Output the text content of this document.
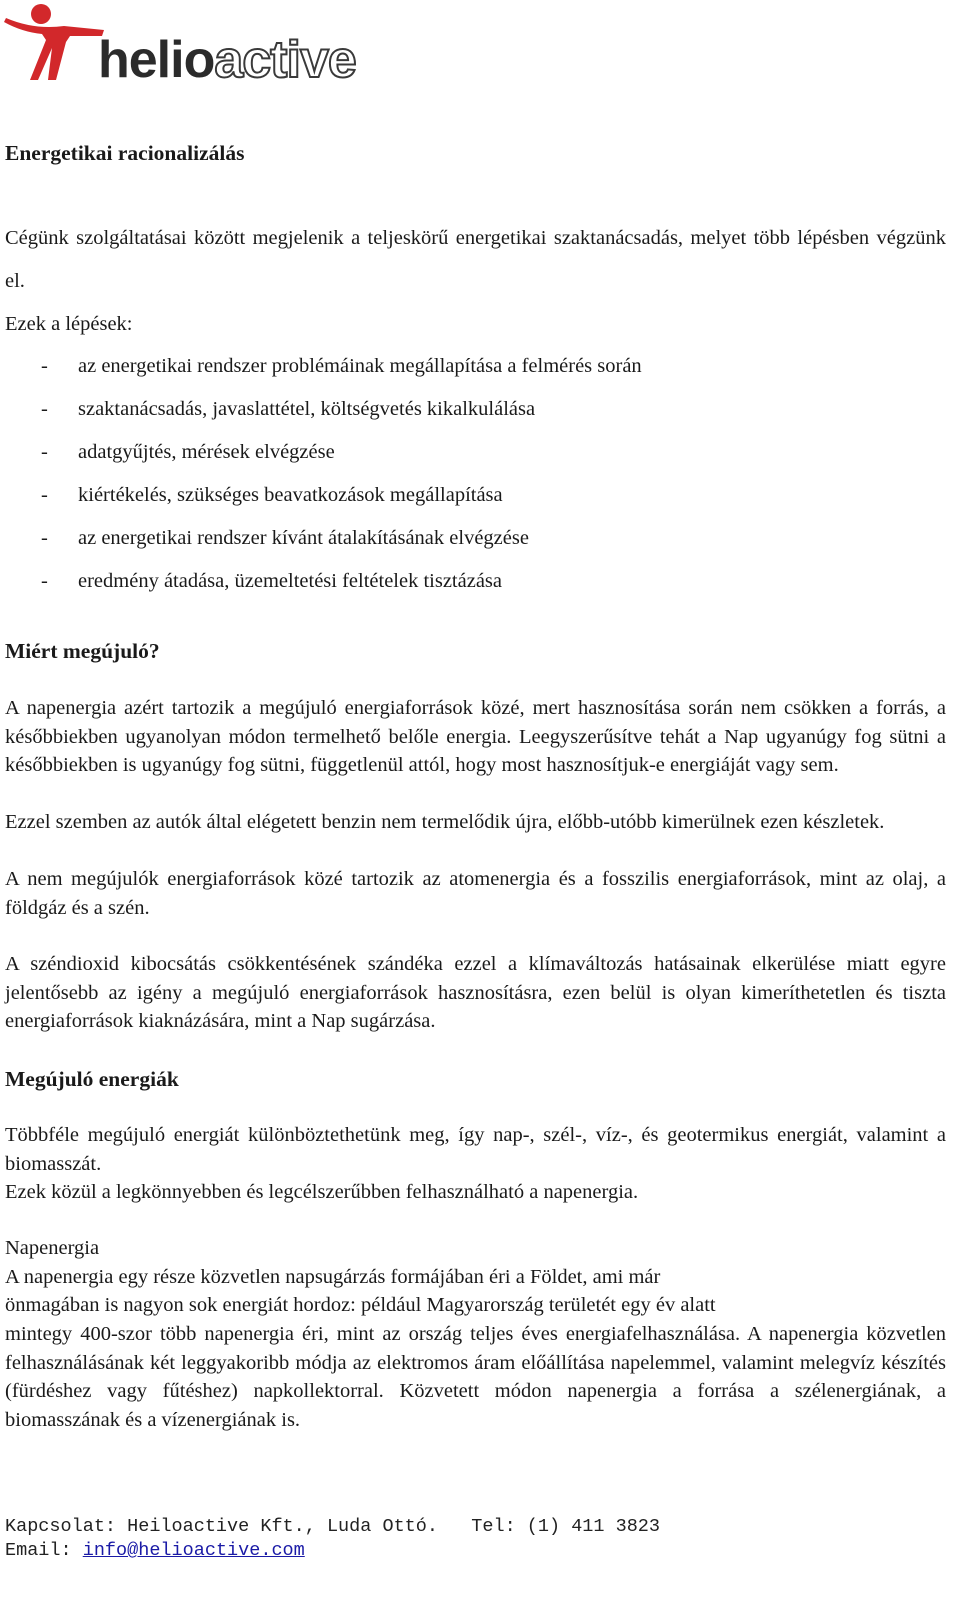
helioactive
Energetikai racionalizálás
Cégünk szolgáltatásai között megjelenik a teljeskörű energetikai szaktanácsadás, melyet több lépésben végzünk el.
Ezek a lépések:
-	az energetikai rendszer problémáinak megállapítása a felmérés során
-	szaktanácsadás, javaslattétel, költségvetés kikalkulálása
-	adatgyűjtés, mérések elvégzése
-	kiértékelés, szükséges beavatkozások megállapítása
-	az energetikai rendszer kívánt átalakításának elvégzése
-	eredmény átadása, üzemeltetési feltételek tisztázása
Miért megújuló?
A napenergia azért tartozik a megújuló energiaforrások közé, mert hasznosítása során nem csökken a forrás, a későbbiekben ugyanolyan módon termelhető belőle energia. Leegyszerűsítve tehát a Nap ugyanúgy fog sütni a későbbiekben is ugyanúgy fog sütni, függetlenül attól, hogy most hasznosítjuk-e energiáját vagy sem.
Ezzel szemben az autók által elégetett benzin nem termelődik újra, előbb-utóbb kimerülnek ezen készletek.
A nem megújulók energiaforrások közé tartozik az atomenergia és a fosszilis energiaforrások, mint az olaj, a földgáz és a szén.
A széndioxid kibocsátás csökkentésének szándéka ezzel a klímaváltozás hatásainak elkerülése miatt egyre jelentősebb az igény a megújuló energiaforrások hasznosításra, ezen belül is olyan kimeríthetetlen és tiszta energiaforrások kiaknázására, mint a Nap sugárzása.
Megújuló energiák
Többféle megújuló energiát különböztethetünk meg, így nap-, szél-, víz-, és geotermikus energiát, valamint a biomasszát.
Ezek közül a legkönnyebben és legcélszerűbben felhasználható a napenergia.
Napenergia
A napenergia egy része közvetlen napsugárzás formájában éri a Földet, ami már
önmagában is nagyon sok energiát hordoz: például Magyarország területét egy év alatt
mintegy 400-szor több napenergia éri, mint az ország teljes éves energiafelhasználása. A napenergia közvetlen felhasználásának két leggyakoribb módja az elektromos áram előállítása napelemmel, valamint melegvíz készítés (fürdéshez vagy fűtéshez) napkollektorral. Közvetett módon napenergia a forrása a szélenergiának, a biomasszának és a vízenergiának is.
Kapcsolat: Heiloactive Kft., Luda Ottó.   Tel: (1) 411 3823
Email: info@helioactive.com
